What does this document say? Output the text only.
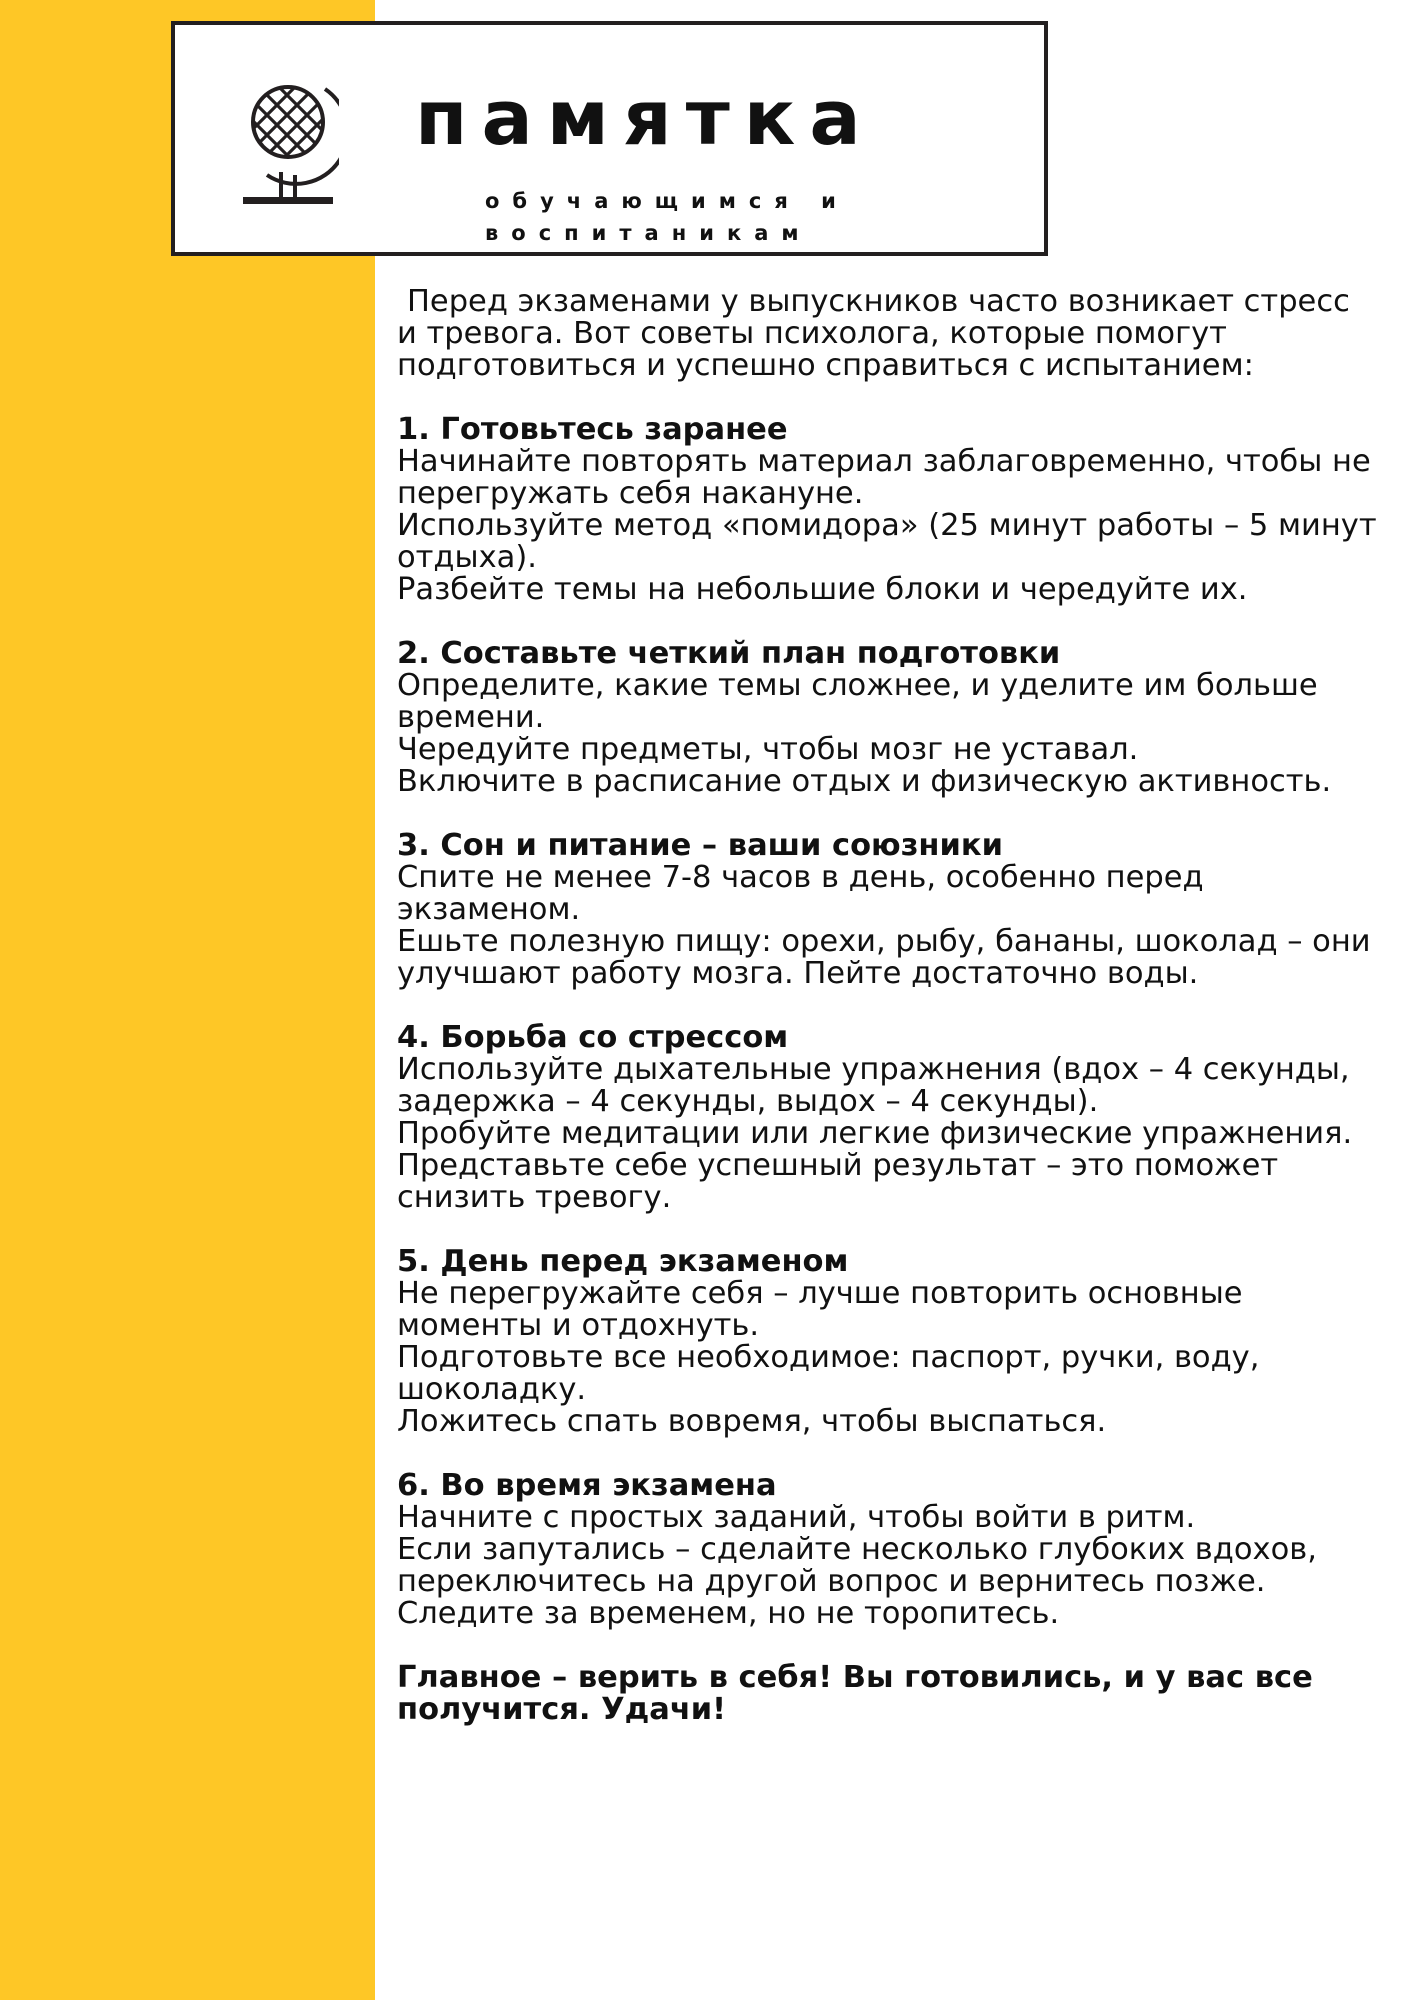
памятка
обучающимся и воспитаникам

Перед экзаменами у выпускников часто возникает стресс и тревога. Вот советы психолога, которые помогут подготовиться и успешно справиться с испытанием:

1. Готовьтесь заранее
Начинайте повторять материал заблаговременно, чтобы не перегружать себя накануне.
Используйте метод «помидора» (25 минут работы – 5 минут отдыха).
Разбейте темы на небольшие блоки и чередуйте их.
2. Составьте четкий план подготовки
Определите, какие темы сложнее, и уделите им больше времени.
Чередуйте предметы, чтобы мозг не уставал.
Включите в расписание отдых и физическую активность.
3. Сон и питание – ваши союзники
Спите не менее 7-8 часов в день, особенно перед экзаменом.
Ешьте полезную пищу: орехи, рыбу, бананы, шоколад – они улучшают работу мозга. Пейте достаточно воды.
4. Борьба со стрессом
Используйте дыхательные упражнения (вдох – 4 секунды, задержка – 4 секунды, выдох – 4 секунды).
Пробуйте медитации или легкие физические упражнения.
Представьте себе успешный результат – это поможет снизить тревогу.
5. День перед экзаменом
Не перегружайте себя – лучше повторить основные моменты и отдохнуть.
Подготовьте все необходимое: паспорт, ручки, воду, шоколадку.
Ложитесь спать вовремя, чтобы выспаться.
6. Во время экзамена
Начните с простых заданий, чтобы войти в ритм.
Если запутались – сделайте несколько глубоких вдохов, переключитесь на другой вопрос и вернитесь позже.
Следите за временем, но не торопитесь.

Главное – верить в себя! Вы готовились, и у вас все получится. Удачи!
